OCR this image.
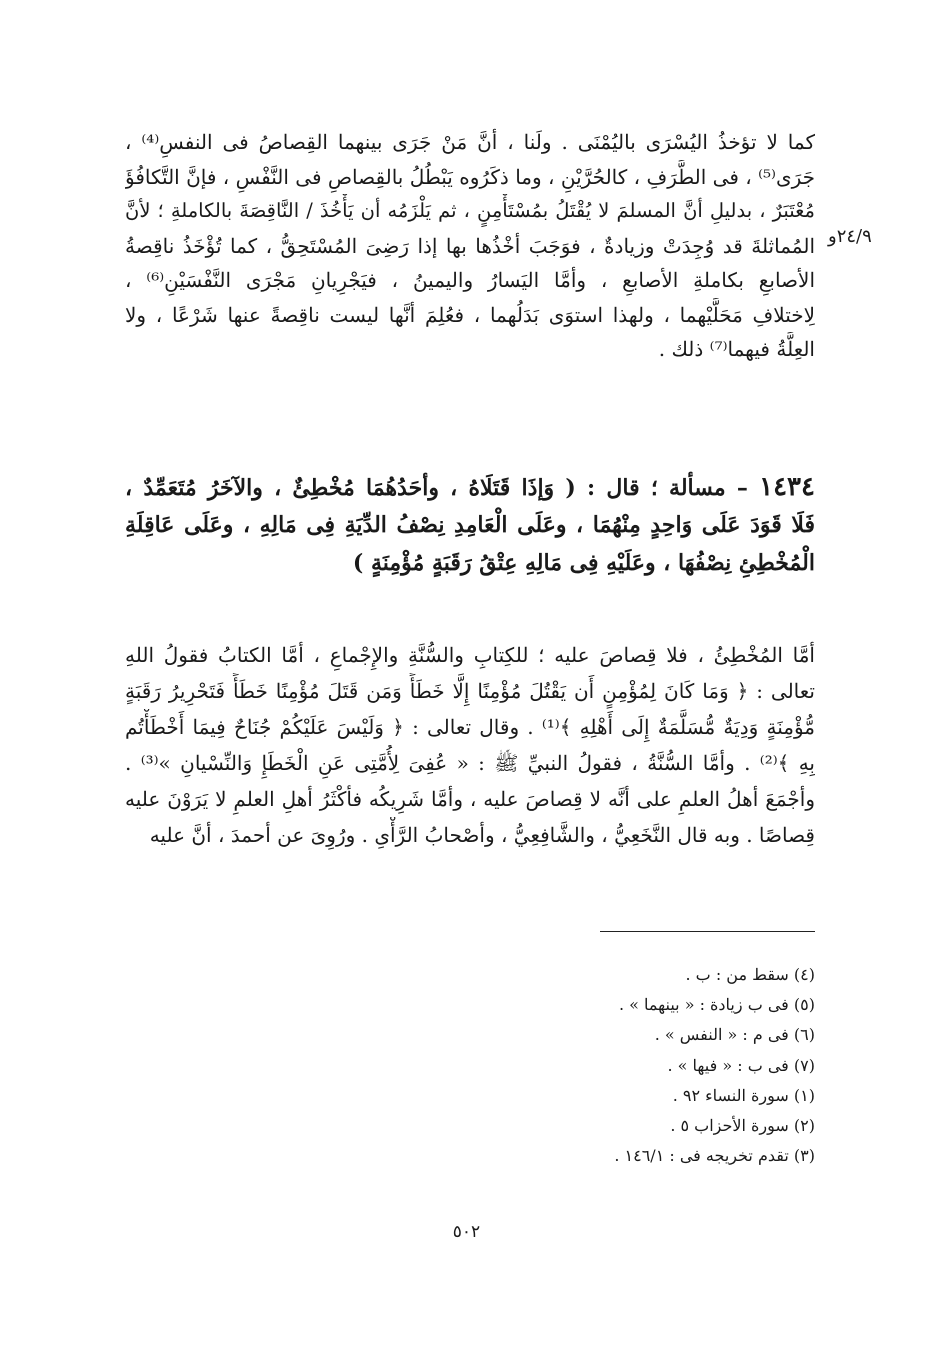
٢٤/٩و
كما لا تؤخذُ اليُسْرَى باليُمْنَى . ولَنا ، أنَّ مَنْ جَرَى بينهما القِصاصُ فى النفسِ⁽⁴⁾ ،
جَرَى⁽⁵⁾ ، فى الطَّرَفِ ، كالحُرَّيْنِ ، وما ذكَرُوه يَبْطُلُ بالقِصاصِ فى النَّفْسِ ، فإنَّ التَّكافُؤَ
مُعْتَبَرٌ ، بدليلِ أنَّ المسلمَ لا يُقْتَلُ بمُسْتَأْمِنٍ ، ثم يَلْزَمُه أن يَأْخُذَ / النَّاقِصَةَ بالكاملةِ ؛ لأنَّ
المُماثلةَ قد وُجِدَتْ وزيادةٌ ، فوَجَبَ أخْذُها بها إذا رَضِىَ المُسْتَحِقُّ ، كما تُؤْخَذُ ناقِصةُ
الأصابعِ بكاملةِ الأصابعِ ، وأمَّا اليَسارُ واليمينُ ، فيَجْرِيانِ مَجْرَى النَّفْسَيْنِ⁽⁶⁾ ،
لِاختلافِ مَحَلَّيْهما ، ولهذا استوَى بَدَلُهما ، فعُلِمَ أنَّها ليست ناقِصةً عنها شَرْعًا ، ولا
العِلَّةُ فيهما⁽⁷⁾ ذلك .
١٤٣٤ – مسألة ؛ قال : ( وَإذَا قَتَلَاهُ ، وأحَدُهُمَا مُخْطِئٌ ، والآخَرُ مُتَعَمِّدٌ ،
فَلَا قَوَدَ عَلَى وَاحِدٍ مِنْهُمَا ، وعَلَى الْعَامِدِ نِصْفُ الدِّيَةِ فِى مَالِهِ ، وعَلَى عَاقِلَةِ
الْمُخْطِئِ نِصْفُهَا ، وعَلَيْهِ فِى مَالِهِ عِتْقُ رَقَبَةٍ مُؤْمِنَةٍ )
أمَّا المُخْطِئُ ، فلا قِصاصَ عليه ؛ للكِتابِ والسُّنَّةِ والإِجْماعِ ، أمَّا الكتابُ فقولُ اللهِ
تعالى : ﴿ وَمَا كَانَ لِمُؤْمِنٍ أَن يَقْتُلَ مُؤْمِنًا إِلَّا خَطَأً وَمَن قَتَلَ مُؤْمِنًا خَطَأً فَتَحْرِيرُ رَقَبَةٍ
مُّؤْمِنَةٍ وَدِيَةٌ مُّسَلَّمَةٌ إِلَى أَهْلِهِ ﴾⁽¹⁾ . وقال تعالى : ﴿ وَلَيْسَ عَلَيْكُمْ جُنَاحٌ فِيمَا أَخْطَأْتُم
بِهِ ﴾⁽²⁾ . وأمَّا السُّنَّةُ ، فقولُ النبيِّ ﷺ : « عُفِىَ لِأُمَّتِى عَنِ الْخَطَإِ وَالنِّسْيانِ »⁽³⁾ .
وأجْمَعَ أهلُ العلمِ على أنَّه لا قِصاصَ عليه ، وأمَّا شَرِيكُه فأكْثَرُ أهلِ العلمِ لا يَرَوْنَ عليه
قِصاصًا . وبه قال النَّخَعِيُّ ، والشَّافِعِيُّ ، وأصْحابُ الرَّأْىِ . ورُوِىَ عن أحمدَ ، أنَّ عليه
(٤) سقط من : ب .
(٥) فى ب زيادة : « بينهما » .
(٦) فى م : « النفس » .
(٧) فى ب : « فيها » .
(١) سورة النساء ٩٢ .
(٢) سورة الأحزاب ٥ .
(٣) تقدم تخريجه فى : ١٤٦/١ .
٥٠٢
